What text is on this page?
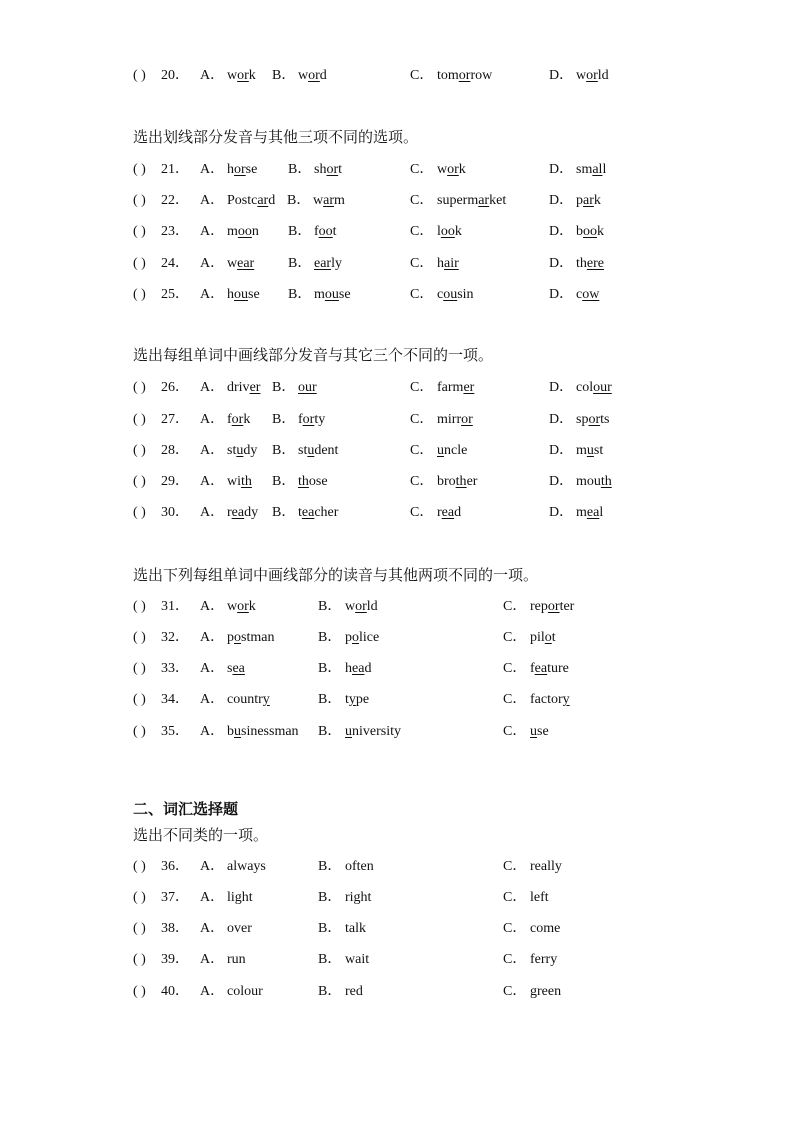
( ) 20． A． work B． word	C． tomorrow	D． world
选出划线部分发音与其他三项不同的选项。
( ) 21． A． horse B． short	C． work	D． small
( ) 22． A． Postcard B． warm	C． supermarket	D． park
( ) 23． A． moon B． foot	C． look	D． book
( ) 24． A． wear B． early	C． hair	D． there
( ) 25． A． house B． mouse	C． cousin	D． cow
选出每组单词中画线部分发音与其它三个不同的一项。
( ) 26． A． driver B． our	C． farmer	D． colour
( ) 27． A． fork B． forty	C． mirror	D． sports
( ) 28． A． study B． student	C． uncle	D． must
( ) 29． A． with B． those	C． brother	D． mouth
( ) 30． A． ready B． teacher	C． read	D． meal
选出下列每组单词中画线部分的读音与其他两项不同的一项。
( ) 31． A． work	B． world	C． reporter
( ) 32． A． postman	B． police	C． pilot
( ) 33． A． sea	B． head	C． feature
( ) 34． A． country	B． type	C． factory
( ) 35． A． businessman B． university	C． use
二、词汇选择题
选出不同类的一项。
( ) 36． A． always	B． often	C． really
( ) 37． A． light	B． right	C． left
( ) 38． A． over	B． talk	C． come
( ) 39． A． run	B． wait	C． ferry
( ) 40． A． colour	B． red	C． green
